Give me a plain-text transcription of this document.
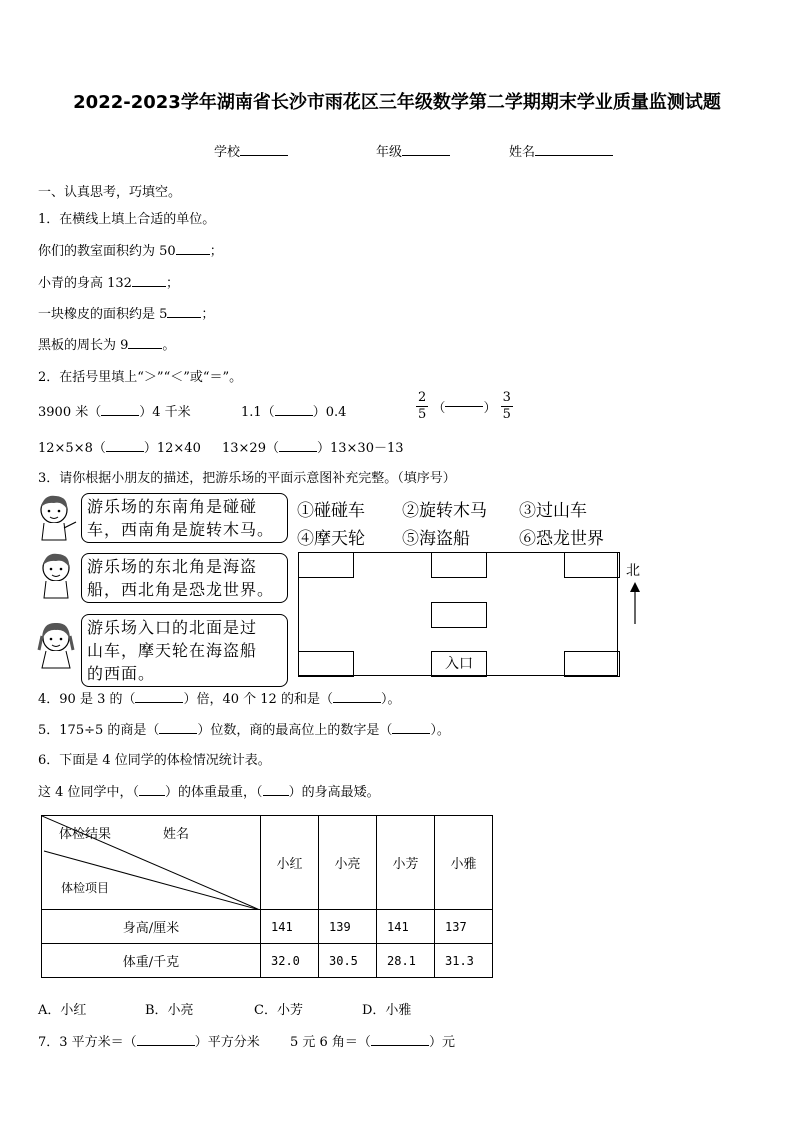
2022-2023学年湖南省长沙市雨花区三年级数学第二学期期末学业质量监测试题
学校	年级	姓名
一、认真思考，巧填空。
1．在横线上填上合适的单位。
你们的教室面积约为 50	；
小青的身高 132	；
一块橡皮的面积约是 5	；
黑板的周长为 9	。
2．在括号里填上“＞”“＜”或“＝”。
3900 米（	）4 千米	1.1（	）0.4	$\frac{2}{5}$ （	） $\frac{3}{5}$
12×5×8（	）12×40 13×29（	）13×30－13
3．请你根据小朋友的描述，把游乐场的平面示意图补充完整。（填序号）
游乐场的东南角是碰碰
车，西南角是旋转木马。
游乐场的东北角是海盗
船，西北角是恐龙世界。
游乐场入口的北面是过
山车，摩天轮在海盗船
的西面。
①碰碰车 ②旋转木马 ③过山车
④摩天轮 ⑤海盗船	⑥恐龙世界
入口
北
4．90 是 3 的（	）倍，40 个 12 的和是（	）。
5．175÷5 的商是（	）位数，商的最高位上的数字是（	）。
6．下面是 4 位同学的体检情况统计表。
这 4 位同学中，（ ）的体重最重，（ ）的身高最矮。
体检结果 姓名
体检项目	小红	小亮	小芳	小雅
身高/厘米	141	139	141	137
体重/千克	32.0	30.5	28.1	31.3
A．小红	B．小亮	C．小芳	D．小雅
7．3 平方米＝（	）平方分米 5 元 6 角＝（	）元
